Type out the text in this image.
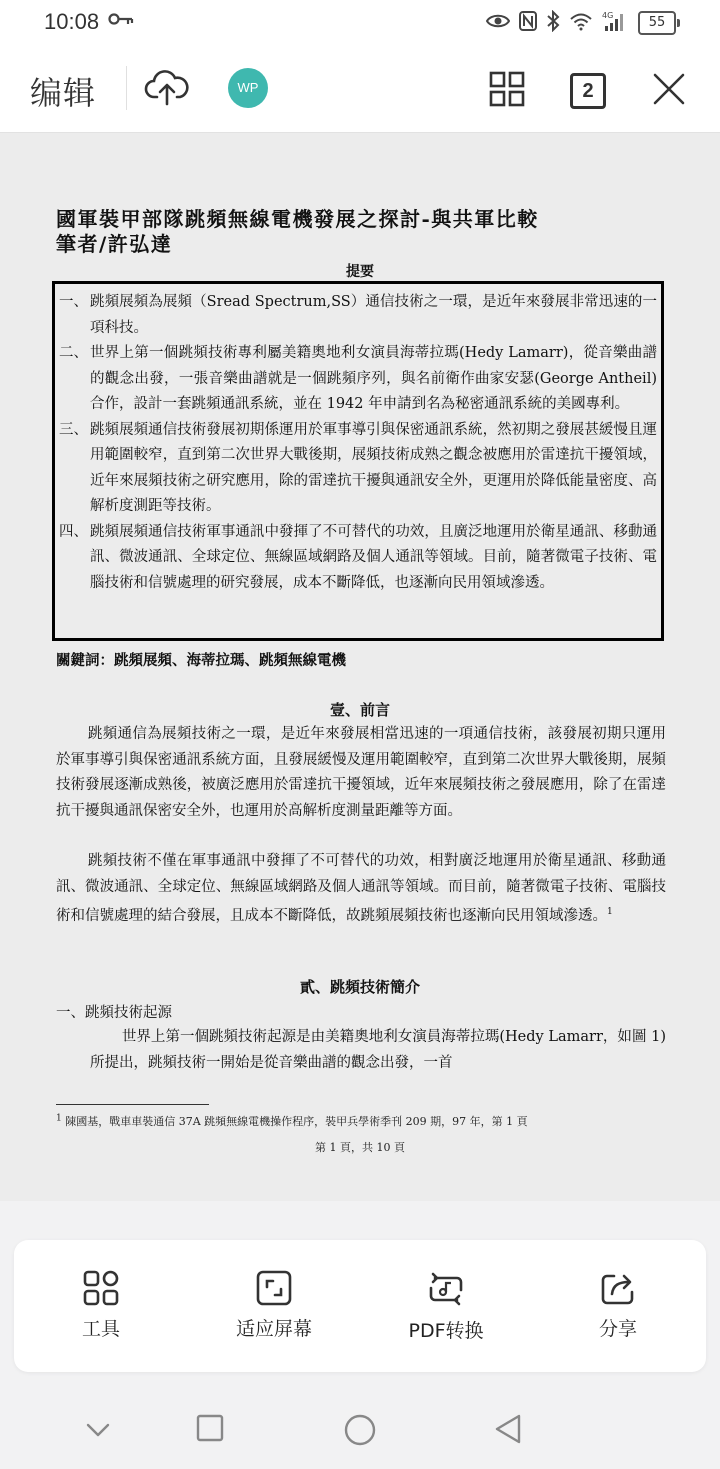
10:08	4G	55
编辑	WP	2
國軍裝甲部隊跳頻無線電機發展之探討-與共軍比較
筆者/許弘達
提要
一、 跳頻展頻為展頻（Sread Spectrum,SS）通信技術之一環，是近年來發展非常迅速的一項科技。
二、 世界上第一個跳頻技術專利屬美籍奧地利女演員海蒂拉瑪(Hedy Lamarr)，從音樂曲譜的觀念出發，一張音樂曲譜就是一個跳頻序列，與名前衛作曲家安瑟(George Antheil)合作，設計一套跳頻通訊系統，並在 1942 年申請到名為秘密通訊系統的美國專利。
三、 跳頻展頻通信技術發展初期係運用於軍事導引與保密通訊系統，然初期之發展甚緩慢且運用範圍較窄，直到第二次世界大戰後期，展頻技術成熟之觀念被應用於雷達抗干擾領域，近年來展頻技術之研究應用，除的雷達抗干擾與通訊安全外，更運用於降低能量密度、高解析度測距等技術。
四、 跳頻展頻通信技術軍事通訊中發揮了不可替代的功效，且廣泛地運用於衛星通訊、移動通訊、微波通訊、全球定位、無線區域網路及個人通訊等領域。目前，隨著微電子技術、電腦技術和信號處理的研究發展，成本不斷降低，也逐漸向民用領域滲透。
關鍵詞：跳頻展頻、海蒂拉瑪、跳頻無線電機
壹、前言
跳頻通信為展頻技術之一環，是近年來發展相當迅速的一項通信技術，該發展初期只運用於軍事導引與保密通訊系統方面，且發展緩慢及運用範圍較窄，直到第二次世界大戰後期，展頻技術發展逐漸成熟後，被廣泛應用於雷達抗干擾領域，近年來展頻技術之發展應用，除了在雷達抗干擾與通訊保密安全外，也運用於高解析度測量距離等方面。
跳頻技術不僅在軍事通訊中發揮了不可替代的功效，相對廣泛地運用於衛星通訊、移動通訊、微波通訊、全球定位、無線區域網路及個人通訊等領域。而目前，隨著微電子技術、電腦技術和信號處理的結合發展，且成本不斷降低，故跳頻展頻技術也逐漸向民用領域滲透。$^1$
貳、跳頻技術簡介
一、跳頻技術起源
世界上第一個跳頻技術起源是由美籍奧地利女演員海蒂拉瑪(Hedy Lamarr，如圖 1)所提出，跳頻技術一開始是從音樂曲譜的觀念出發，一首
$^1$ 陳國基，戰車車裝通信 37A 跳頻無線電機操作程序，裝甲兵學術季刊 209 期，97 年，第 1 頁
第 1 頁，共 10 頁
工具	适应屏幕	PDF转换	分享
